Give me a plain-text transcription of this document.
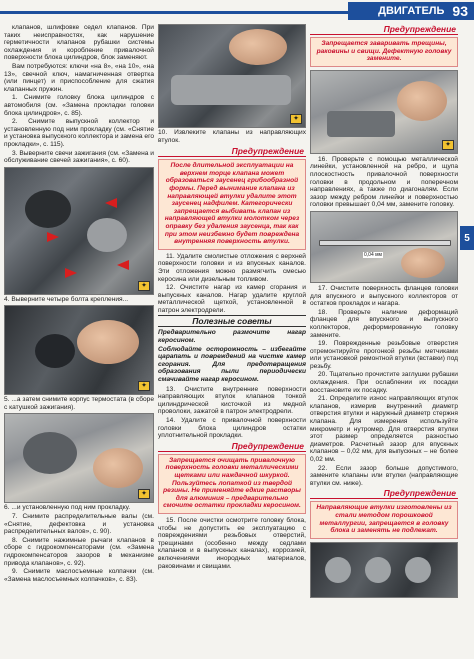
ДВИГАТЕЛЬ 93
5
клапанов, шлифовке седел клапанов. При таких неисправностях, как нарушение герметичности клапанов рубашки системы охлаждения и коробление привалочной поверхности блока цилиндров, блок заменяют.
Вам потребуются: ключи «на 8», «на 10», «на 13», свечной ключ, намагниченная отвертка (или пинцет) и приспособление для сжатия клапанных пружин.
1. Снимите головку блока цилиндров с автомобиля (см. «Замена прокладки головки блока цилиндров», с. 85).
2. Снимите выпускной коллектор и установленную под ним прокладку (см. «Снятие и установка выпускного коллектора и замена его прокладки», с. 115).
3. Выверните свечи зажигания (см. «Замена и обслуживание свечей зажигания», с. 60).
✦
4. Выверните четыре болта крепления...
✦
5. ...а затем снимите корпус термостата (в сборе с катушкой зажигания).
✦
6. ...и установленную под ним прокладку.
7. Снимите распределительные валы (см. «Снятие, дефектовка и установка распределительных валов», с. 90).
8. Снимите нажимные рычаги клапанов в сборе с гидрокомпенсаторами (см. «Замена гидрокомпенсаторов зазоров в механизме привода клапанов», с. 92).
9. Снимите маслосъемные колпачки (см. «Замена маслосъемных колпачков», с. 83).
✦
10. Извлеките клапаны из направляющих втулок.
Предупреждение
После длительной эксплуатации на верхнем торце клапана может образоваться заусенец грибообразной формы. Перед вынимание клапана из направляющей втулки удалите этот заусенец надфилем. Категорически запрещается выбивать клапан из направляющей втулки молотком через оправку без удаления заусенца, так как при этом неизбежно будет повреждена внутренняя поверхность втулки.
11. Удалите смолистые отложения с верхней поверхности головки и из впускных каналов. Эти отложения можно размягчить смесью керосина или дизельным топливом.
12. Очистите нагар из камер сгорания и выпускных каналов. Нагар удалите круглой металлической щеткой, установленной в патрон электродрели.
Полезные советы
Предварительно размочите нагар керосином.
Соблюдайте осторожность – избегайте царапать и повреждений на чистке камер сгорания. Для предотвращения образования пыли периодически смачивайте нагар керосином.
13. Очистите внутренние поверхности направляющих втулок клапанов тонкой цилиндрической кисточкой из медной проволоки, зажатой в патрон электродрели.
14. Удалите с привалочной поверхности головки блока цилиндров остатки уплотнительной прокладки.
Предупреждение
Запрещается очищать привалочную поверхность головки металлическими щетками или наждачной шкуркой. Пользуйтесь лопаткой из твердой резины. Не применяйте едкие растворы для алюминия – предварительно смочите остатки прокладки керосином.
15. После очистки осмотрите головку блока, чтобы не допустить ее эксплуатацию с повреждениями резьбовых отверстий, трещинами (особенно между седлами клапанов и в выпускных каналах), коррозией, включениями инородных материалов, раковинами и свищами.
Предупреждение
Запрещается заваривать трещины, раковины и свищи. Дефектную головку замените.
✦
16. Проверьте с помощью металлической линейки, установленной на ребро, и щупа плоскостность привалочной поверхности головки в продольном и поперечном направлениях, а также по диагоналям. Если зазор между ребром линейки и поверхностью головки превышает 0,04 мм, замените головку.
0,04 мм
17. Очистите поверхность фланцев головки для впускного и выпускного коллекторов от остатков прокладок и нагара.
18. Проверьте наличие деформаций фланцев для впускного и выпускного коллекторов, деформированную головку замените.
19. Поврежденные резьбовые отверстия отремонтируйте прогонкой резьбы метчиками или установкой ремонтной втулки (вставки) под резьбу.
20. Тщательно прочистите заглушки рубашки охлаждения. При ослаблении их посадки восстановите их посадку.
21. Определите износ направляющих втулок клапанов, измерив внутренний диаметр отверстия втулки и наружный диаметр стержня клапана. Для измерения используйте микрометр и нутромер. Для отверстия втулки этот размер определяется разностью диаметров. Расчетный зазор для впускных клапанов – 0,02 мм, для выпускных – не более 0,02 мм.
22. Если зазор больше допустимого, замените клапаны или втулки (направляющие втулки см. ниже).
Предупреждение
Направляющие втулки изготовлены из стали методом порошковой металлургии, запрещается в головку блока и заменять не подлежат.
